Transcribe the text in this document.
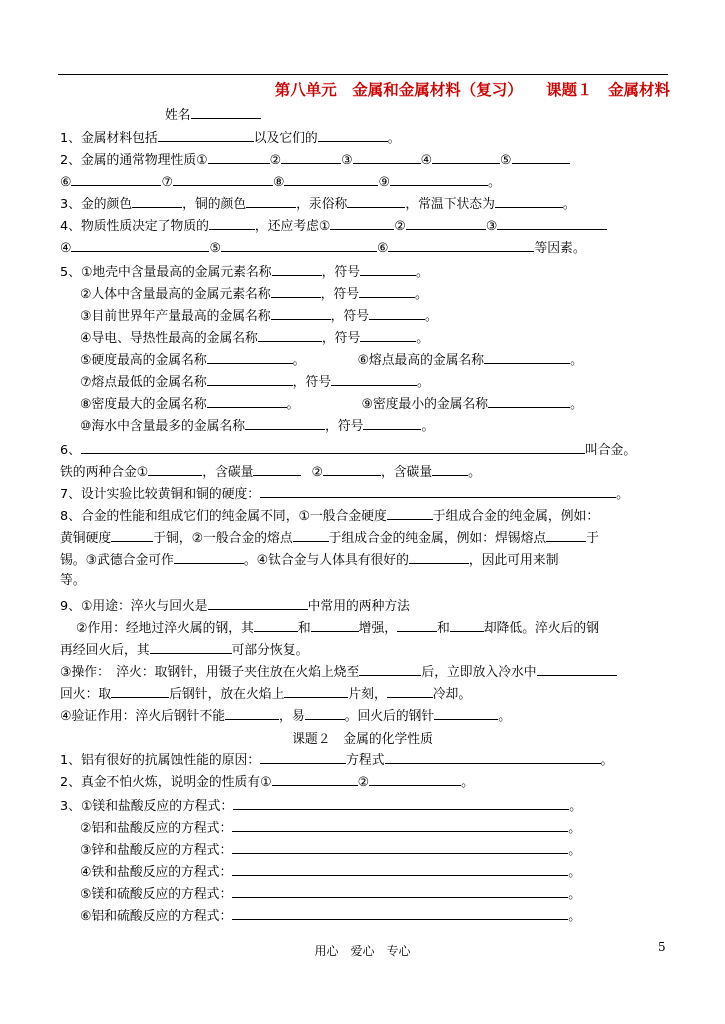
第八单元　金属和金属材料（复习）　　课题１　金属材料
姓名
1、金属材料包括	以及它们的	。
2、金属的通常物理性质①	②	③	④	⑤
⑥	⑦	⑧	⑨	。
3、金的颜色	，铜的颜色	，汞俗称	，常温下状态为	。
4、物质性质决定了物质的	，还应考虑①	②	③
④	⑤	⑥	等因素。
5、①地壳中含量最高的金属元素名称	，符号	。
②人体中含量最高的金属元素名称	，符号	。
③目前世界年产量最高的金属名称	，符号	。
④导电、导热性最高的金属名称	，符号	。
⑤硬度最高的金属名称	。	⑥熔点最高的金属名称	。
⑦熔点最低的金属名称	，符号	。
⑧密度最大的金属名称	。	⑨密度最小的金属名称	。
⑩海水中含量最多的金属名称	，符号	。
6、	叫合金。
铁的两种合金①	，含碳量	②	，含碳量	。
7、设计实验比较黄铜和铜的硬度：	。
8、合金的性能和组成它们的纯金属不同，①一般合金硬度	于组成合金的纯金属，例如：
黄铜硬度	于铜，②一般合金的熔点	于组成合金的纯金属，例如：焊锡熔点	于
锡。③武德合金可作	。④钛合金与人体具有很好的	，因此可用来制
等。
9、①用途：淬火与回火是	中常用的两种方法
②作用：经地过淬火属的钢，其	和	增强，	和	却降低。淬火后的钢
再经回火后，其	可部分恢复。
③操作：　淬火：取钢针，用镊子夹住放在火焰上烧至	后，立即放入冷水中
回火：取	后钢针，放在火焰上	片刻，	冷却。
④验证作用：淬火后钢针不能	，易	。回火后的钢针	。
课题２　金属的化学性质
1、铝有很好的抗属蚀性能的原因：	方程式	。
2、真金不怕火炼，说明金的性质有①	②	。
3、①镁和盐酸反应的方程式：	。
②铝和盐酸反应的方程式：	。
③锌和盐酸反应的方程式：	。
④铁和盐酸反应的方程式：	。
⑤镁和硫酸反应的方程式：	。
⑥铝和硫酸反应的方程式：	。
用心　爱心　专心	5
